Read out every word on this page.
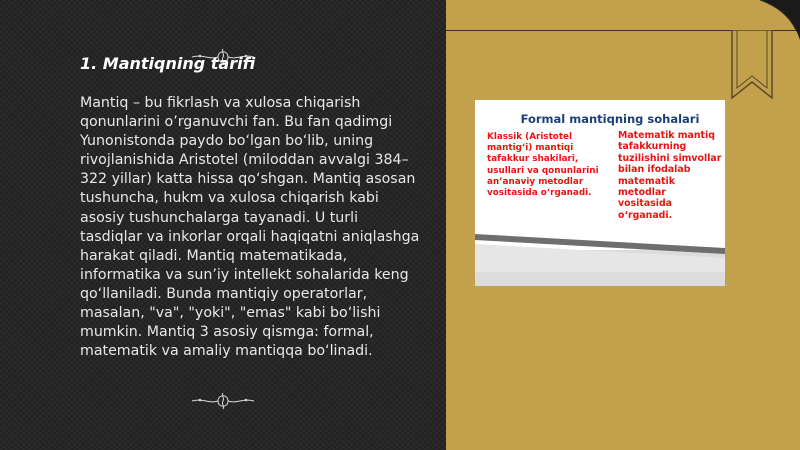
1. Mantiqning tarifi
Mantiq – bu fikrlash va xulosa chiqarish qonunlarini o’rganuvchi fan. Bu fan qadimgi Yunonistonda paydo bo‘lgan bo‘lib, uning rivojlanishida Aristotel (miloddan avvalgi 384–322 yillar) katta hissa qo‘shgan. Mantiq asosan tushuncha, hukm va xulosa chiqarish kabi asosiy tushunchalarga tayanadi. U turli tasdiqlar va inkorlar orqali haqiqatni aniqlashga harakat qiladi. Mantiq matematikada, informatika va sun’iy intellekt sohalarida keng qo‘llaniladi. Bunda mantiqiy operatorlar, masalan, "va", "yoki", "emas" kabi bo‘lishi mumkin. Mantiq 3 asosiy qismga: formal, matematik va amaliy mantiqqa bo‘linadi.
Formal mantiqning sohalari
Klassik (Aristotel mantig‘i) mantiqi tafakkur shakilari, usullari va qonunlarini an’anaviy metodlar vositasida o‘rganadi.
Matematik mantiq tafakkurning tuzilishini simvollar bilan ifodalab matematik metodlar vositasida o‘rganadi.
